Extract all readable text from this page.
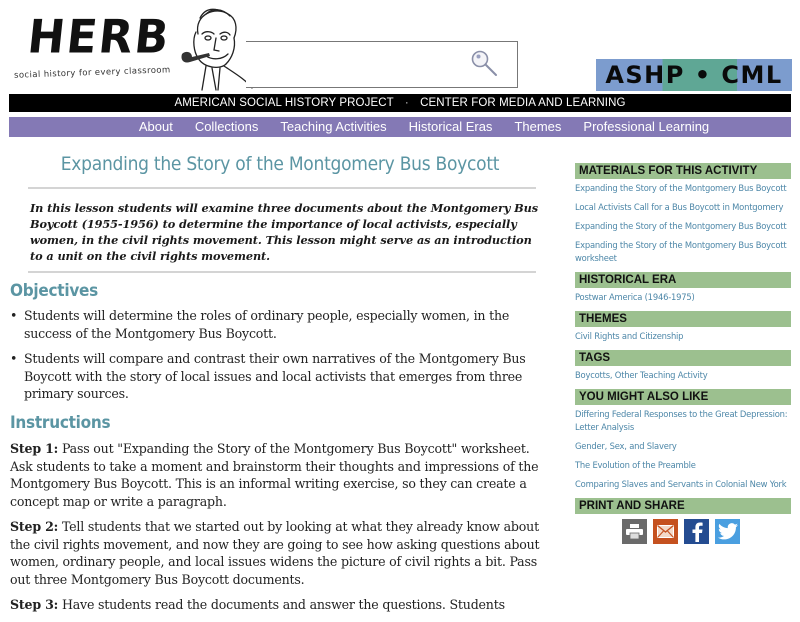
HERB
social history for every classroom	ASHP • CML
AMERICAN SOCIAL HISTORY PROJECT · CENTER FOR MEDIA AND LEARNING
About	Collections	Teaching Activities	Historical Eras	Themes	Professional Learning
Expanding the Story of the Montgomery Bus Boycott

In this lesson students will examine three documents about the Montgomery Bus Boycott (1955-1956) to determine the importance of local activists, especially women, in the civil rights movement. This lesson might serve as an introduction to a unit on the civil rights movement.

Objectives
• Students will determine the roles of ordinary people, especially women, in the success of the Montgomery Bus Boycott.
• Students will compare and contrast their own narratives of the Montgomery Bus Boycott with the story of local issues and local activists that emerges from three primary sources.
Instructions

Step 1: Pass out "Expanding the Story of the Montgomery Bus Boycott" worksheet. Ask students to take a moment and brainstorm their thoughts and impressions of the Montgomery Bus Boycott. This is an informal writing exercise, so they can create a concept map or write a paragraph.

Step 2: Tell students that we started out by looking at what they already know about the civil rights movement, and now they are going to see how asking questions about women, ordinary people, and local issues widens the picture of civil rights a bit. Pass out three Montgomery Bus Boycott documents.

Step 3: Have students read the documents and answer the questions. Students

MATERIALS FOR THIS ACTIVITY
Expanding the Story of the Montgomery Bus Boycott
Local Activists Call for a Bus Boycott in Montgomery
Expanding the Story of the Montgomery Bus Boycott
Expanding the Story of the Montgomery Bus Boycott worksheet
HISTORICAL ERA
Postwar America (1946-1975)
THEMES
Civil Rights and Citizenship
TAGS
Boycotts, Other Teaching Activity
YOU MIGHT ALSO LIKE
Differing Federal Responses to the Great Depression: Letter Analysis
Gender, Sex, and Slavery
The Evolution of the Preamble
Comparing Slaves and Servants in Colonial New York
PRINT AND SHARE
